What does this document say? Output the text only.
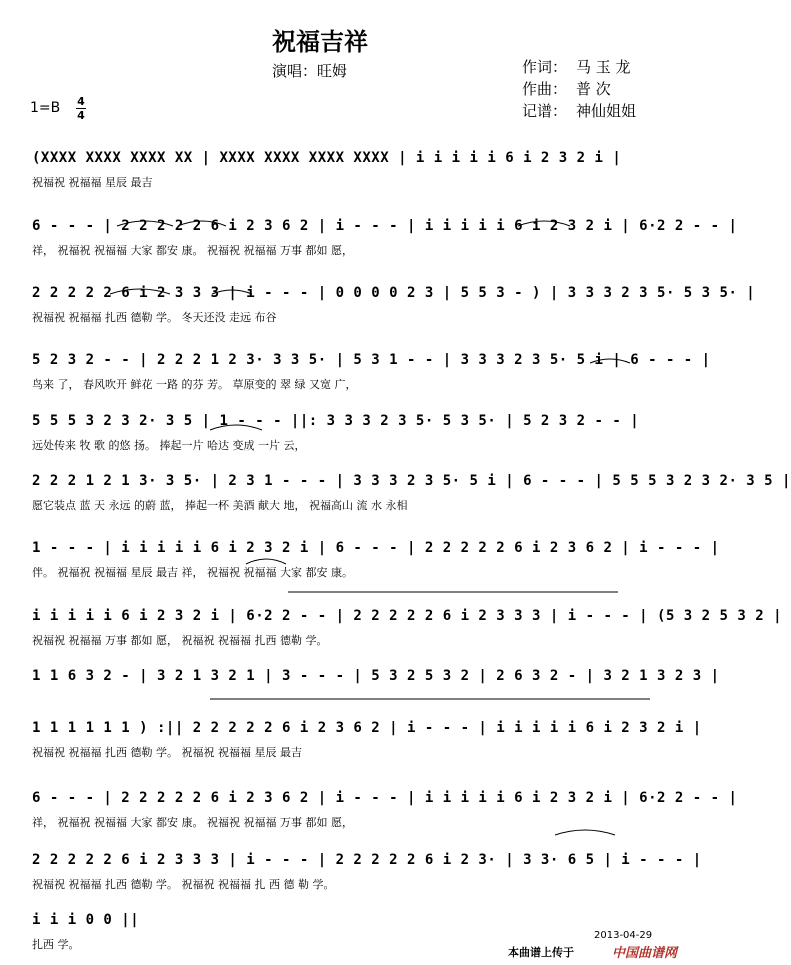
祝福吉祥
演唱：旺姆	作词： 马 玉 龙
作曲： 普 次
记谱： 神仙姐姐
1=B 4
4
(XXXX XXXX XXXX XX | XXXX XXXX XXXX XXXX | i i i i i 6 i 2 3 2 i |
祝福祝 祝福福 星辰 最吉
6 - - - | 2 2 2 2 2 6 i 2 3 6 2 | i - - - | i i i i i 6 i 2 3 2 i | 6·2 2 - - |
祥， 祝福祝 祝福福 大家 都安 康。 祝福祝 祝福福 万事 都如 愿，
2 2 2 2 2 6 i 2 3 3 3 | i - - - | 0 0 0 0 2 3 | 5 5 3 - ) | 3 3 3 2 3 5· 5 3 5· |
祝福祝 祝福福 扎西 德勒 学。 冬天还没 走远 布谷
5 2 3 2 - - | 2 2 2 1 2 3· 3 3 5· | 5 3 1 - - | 3 3 3 2 3 5· 5 i | 6 - - - |
鸟来 了， 春风吹开 鲜花 一路 的芬 芳。 草原变的 翠 绿 又宽 广，
5 5 5 3 2 3 2· 3 5 | 1 - - - ||: 3 3 3 2 3 5· 5 3 5· | 5 2 3 2 - - |
远处传来 牧 歌 的悠 扬。 捧起一片 哈达 变成 一片 云，
2 2 2 1 2 1 3· 3 5· | 2 3 1 - - - | 3 3 3 2 3 5· 5 i | 6 - - - | 5 5 5 3 2 3 2· 3 5 |
愿它装点 蓝 天 永远 的蔚 蓝， 捧起一杯 美酒 献大 地， 祝福高山 流 水 永相
1 - - - | i i i i i 6 i 2 3 2 i | 6 - - - | 2 2 2 2 2 6 i 2 3 6 2 | i - - - |
伴。 祝福祝 祝福福 星辰 最吉 祥， 祝福祝 祝福福 大家 都安 康。
i i i i i 6 i 2 3 2 i | 6·2 2 - - | 2 2 2 2 2 6 i 2 3 3 3 | i - - - | (5 3 2 5 3 2 |
祝福祝 祝福福 万事 都如 愿， 祝福祝 祝福福 扎西 德勒 学。
1 1 6 3 2 - | 3 2 1 3 2 1 | 3 - - - | 5 3 2 5 3 2 | 2 6 3 2 - | 3 2 1 3 2 3 |
1 1 1 1 1 1 ) :|| 2 2 2 2 2 6 i 2 3 6 2 | i - - - | i i i i i 6 i 2 3 2 i |
祝福祝 祝福福 扎西 德勒 学。 祝福祝 祝福福 星辰 最吉
6 - - - | 2 2 2 2 2 6 i 2 3 6 2 | i - - - | i i i i i 6 i 2 3 2 i | 6·2 2 - - |
祥， 祝福祝 祝福福 大家 都安 康。 祝福祝 祝福福 万事 都如 愿，
2 2 2 2 2 6 i 2 3 3 3 | i - - - | 2 2 2 2 2 6 i 2 3· | 3 3· 6 5 | i - - - |
祝福祝 祝福福 扎西 德勒 学。 祝福祝 祝福福 扎 西 德 勒 学。
i i i 0 0 ||
扎西 学。
2013-04-29
本曲谱上传于	中国曲谱网
